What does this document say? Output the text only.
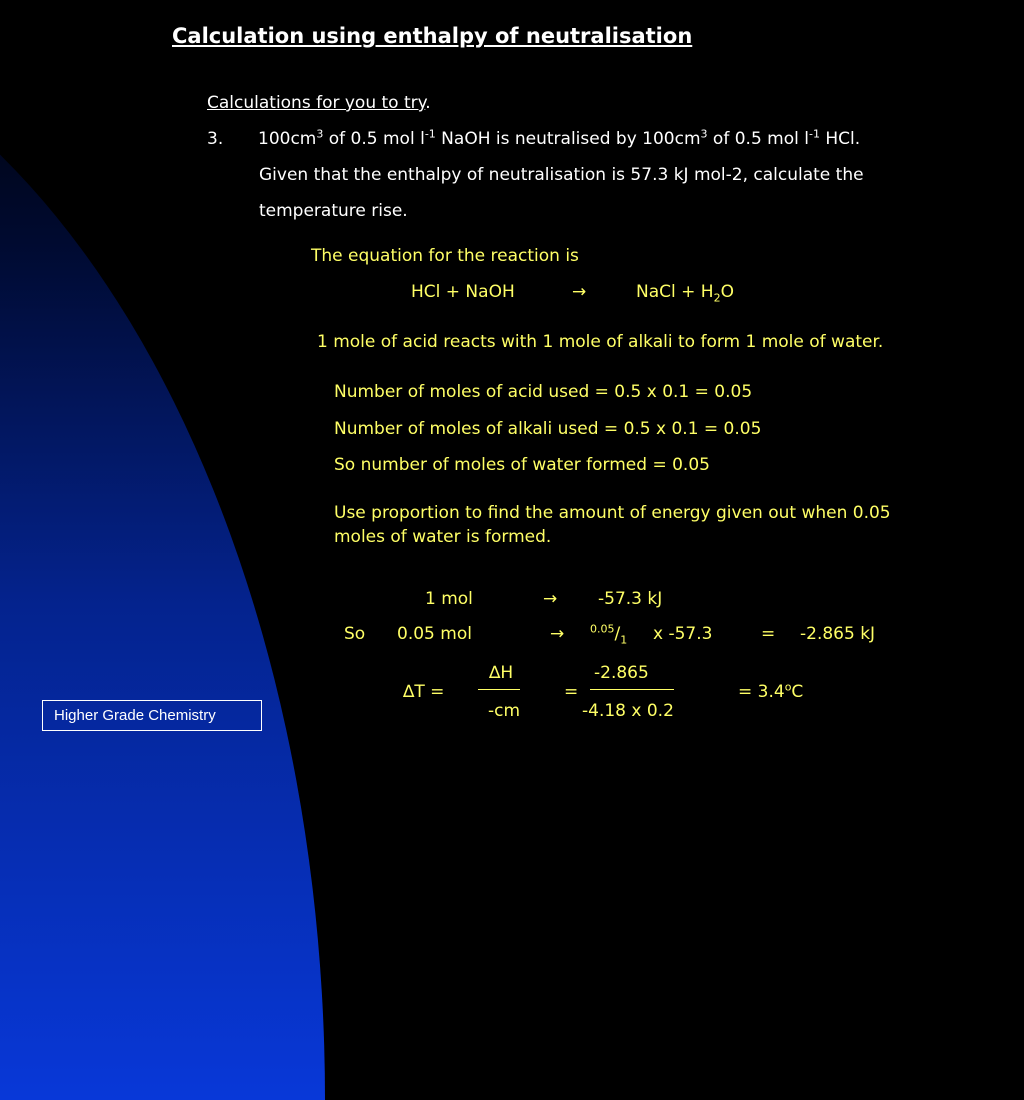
Calculation using enthalpy of neutralisation
Calculations for you to try.
3. $100cm^3$ of 0.5 mol $l^{-1}$ NaOH is neutralised by $100cm^3$ of 0.5 mol $l^{-1}$ HCl.
Given that the enthalpy of neutralisation is 57.3 kJ mol-2, calculate the
temperature rise.
The equation for the reaction is
HCl + NaOH	→	NaCl + $H_2O$
1 mole of acid reacts with 1 mole of alkali to form 1 mole of water.
Number of moles of acid used = 0.5 x 0.1 = 0.05
Number of moles of alkali used = 0.5 x 0.1 = 0.05
So number of moles of water formed = 0.05
Use proportion to find the amount of energy given out when 0.05
moles of water is formed.
1 mol	→ -57.3 kJ
So 0.05 mol	→ $^{0.05}/_1$ x -57.3	= -2.865 kJ
∆T =
∆H
-cm
=
-2.865
-4.18 x 0.2
= $3.4^oC$
Higher Grade Chemistry
